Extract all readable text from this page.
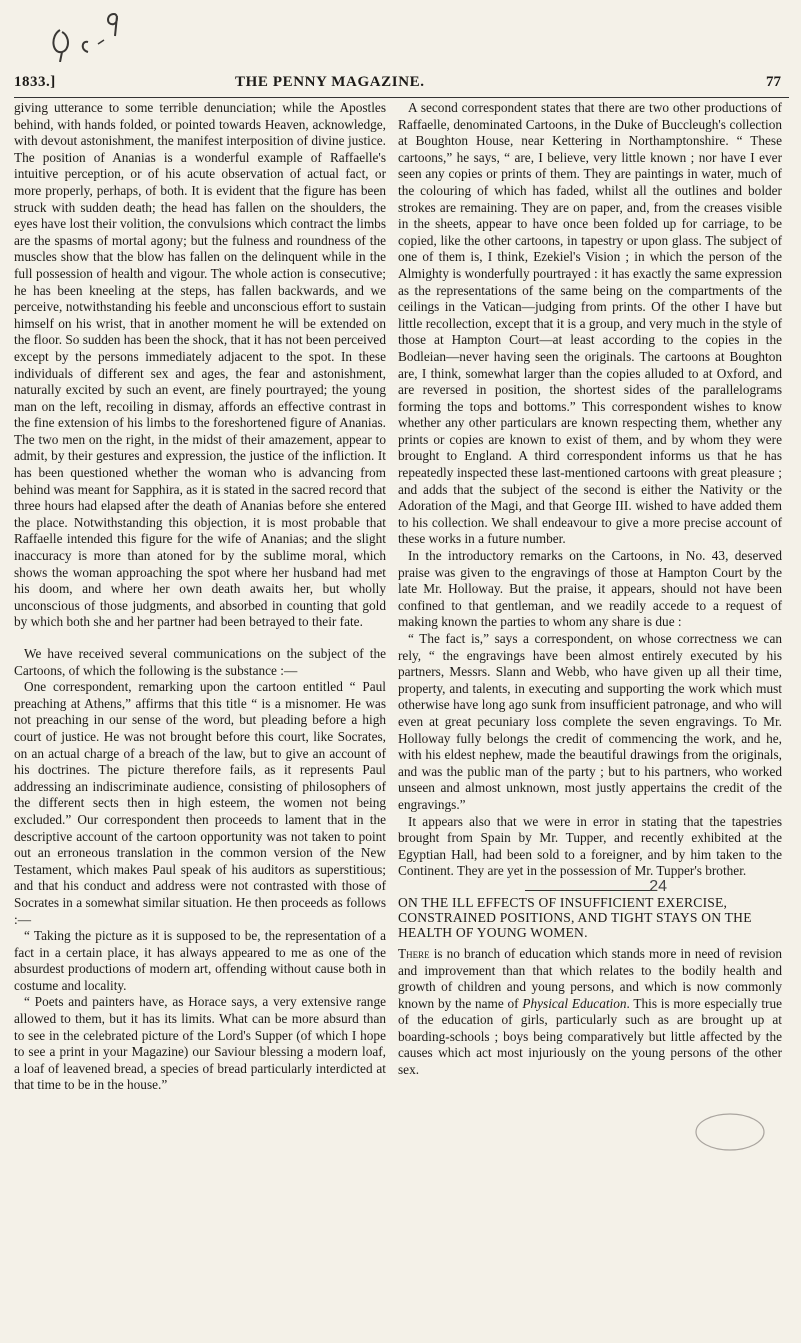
1833.]	THE PENNY MAGAZINE.	77

giving utterance to some terrible denunciation; while the Apostles behind, with hands folded, or pointed towards Heaven, acknowledge, with devout astonishment, the manifest interposition of divine justice. The position of Ananias is a wonderful example of Raffaelle's intuitive perception, or of his acute observation of actual fact, or more properly, perhaps, of both. It is evident that the figure has been struck with sudden death; the head has fallen on the shoulders, the eyes have lost their volition, the convulsions which contract the limbs are the spasms of mortal agony; but the fulness and roundness of the muscles show that the blow has fallen on the delinquent while in the full possession of health and vigour. The whole action is consecutive; he has been kneeling at the steps, has fallen backwards, and we perceive, notwithstanding his feeble and unconscious effort to sustain himself on his wrist, that in another moment he will be extended on the floor. So sudden has been the shock, that it has not been perceived except by the persons immediately adjacent to the spot. In these individuals of different sex and ages, the fear and astonishment, naturally excited by such an event, are finely pourtrayed; the young man on the left, recoiling in dismay, affords an effective contrast in the fine extension of his limbs to the foreshortened figure of Ananias. The two men on the right, in the midst of their amazement, appear to admit, by their gestures and expression, the justice of the infliction. It has been questioned whether the woman who is advancing from behind was meant for Sapphira, as it is stated in the sacred record that three hours had elapsed after the death of Ananias before she entered the place. Notwithstanding this objection, it is most probable that Raffaelle intended this figure for the wife of Ananias; and the slight inaccuracy is more than atoned for by the sublime moral, which shows the woman approaching the spot where her husband had met his doom, and where her own death awaits her, but wholly unconscious of those judgments, and absorbed in counting that gold by which both she and her partner had been betrayed to their fate.

We have received several communications on the subject of the Cartoons, of which the following is the substance :—

One correspondent, remarking upon the cartoon entitled “ Paul preaching at Athens,” affirms that this title “ is a misnomer. He was not preaching in our sense of the word, but pleading before a high court of justice. He was not brought before this court, like Socrates, on an actual charge of a breach of the law, but to give an account of his doctrines. The picture therefore fails, as it represents Paul addressing an indiscriminate audience, consisting of philosophers of the different sects then in high esteem, the women not being excluded.” Our correspondent then proceeds to lament that in the descriptive account of the cartoon opportunity was not taken to point out an erroneous translation in the common version of the New Testament, which makes Paul speak of his auditors as superstitious; and that his conduct and address were not contrasted with those of Socrates in a somewhat similar situation. He then proceeds as follows :—

“ Taking the picture as it is supposed to be, the representation of a fact in a certain place, it has always appeared to me as one of the absurdest productions of modern art, offending without cause both in costume and locality.

“ Poets and painters have, as Horace says, a very extensive range allowed to them, but it has its limits. What can be more absurd than to see in the celebrated picture of the Lord's Supper (of which I hope to see a print in your Magazine) our Saviour blessing a modern loaf, a loaf of leavened bread, a species of bread particularly interdicted at that time to be in the house.”

A second correspondent states that there are two other productions of Raffaelle, denominated Cartoons, in the Duke of Buccleugh's collection at Boughton House, near Kettering in Northamptonshire. “ These cartoons,” he says, “ are, I believe, very little known ; nor have I ever seen any copies or prints of them. They are paintings in water, much of the colouring of which has faded, whilst all the outlines and bolder strokes are remaining. They are on paper, and, from the creases visible in the sheets, appear to have once been folded up for carriage, to be copied, like the other cartoons, in tapestry or upon glass. The subject of one of them is, I think, Ezekiel's Vision ; in which the person of the Almighty is wonderfully pourtrayed : it has exactly the same expression as the representations of the same being on the compartments of the ceilings in the Vatican—judging from prints. Of the other I have but little recollection, except that it is a group, and very much in the style of those at Hampton Court—at least according to the copies in the Bodleian—never having seen the originals. The cartoons at Boughton are, I think, somewhat larger than the copies alluded to at Oxford, and are reversed in position, the shortest sides of the parallelograms forming the tops and bottoms.” This correspondent wishes to know whether any other particulars are known respecting them, whether any prints or copies are known to exist of them, and by whom they were brought to England. A third correspondent informs us that he has repeatedly inspected these last-mentioned cartoons with great pleasure ; and adds that the subject of the second is either the Nativity or the Adoration of the Magi, and that George III. wished to have added them to his collection. We shall endeavour to give a more precise account of these works in a future number.

In the introductory remarks on the Cartoons, in No. 43, deserved praise was given to the engravings of those at Hampton Court by the late Mr. Holloway. But the praise, it appears, should not have been confined to that gentleman, and we readily accede to a request of making known the parties to whom any share is due :

“ The fact is,” says a correspondent, on whose correctness we can rely, “ the engravings have been almost entirely executed by his partners, Messrs. Slann and Webb, who have given up all their time, property, and talents, in executing and supporting the work which must otherwise have long ago sunk from insufficient patronage, and who will even at great pecuniary loss complete the seven engravings. To Mr. Holloway fully belongs the credit of commencing the work, and he, with his eldest nephew, made the beautiful drawings from the originals, and was the public man of the party ; but to his partners, who worked unseen and almost unknown, most justly appertains the credit of the engravings.”

It appears also that we were in error in stating that the tapestries brought from Spain by Mr. Tupper, and recently exhibited at the Egyptian Hall, had been sold to a foreigner, and by him taken to the Continent. They are yet in the possession of Mr. Tupper's brother.

24
ON THE ILL EFFECTS OF INSUFFICIENT EXERCISE, CONSTRAINED POSITIONS, AND TIGHT STAYS ON THE HEALTH OF YOUNG WOMEN.

There is no branch of education which stands more in need of revision and improvement than that which relates to the bodily health and growth of children and young persons, and which is now commonly known by the name of Physical Education. This is more especially true of the education of girls, particularly such as are brought up at boarding-schools ; boys being comparatively but little affected by the causes which act most injuriously on the young persons of the other sex.
